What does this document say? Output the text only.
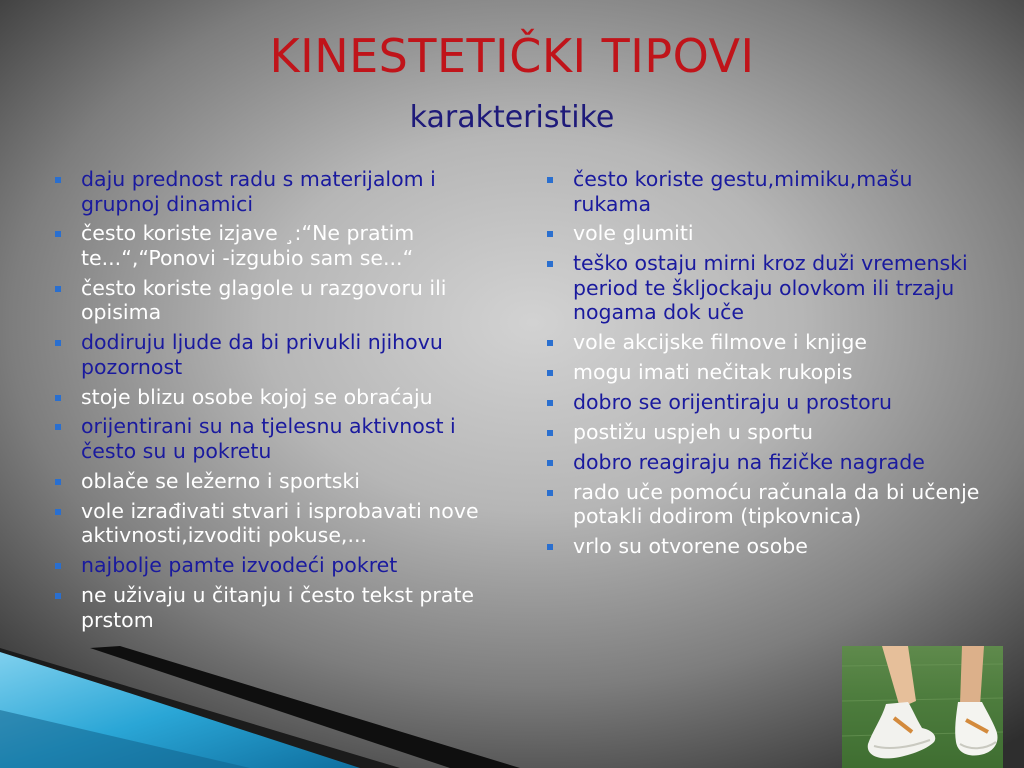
KINESTETIČKI TIPOVI
karakteristike
daju prednost radu s materijalom i grupnoj dinamici
često koriste izjave ¸:“Ne pratim te...“,“Ponovi -izgubio sam se...“
često koriste glagole u razgovoru ili opisima
dodiruju ljude da bi privukli njihovu pozornost
stoje blizu osobe kojoj se obraćaju
orijentirani su na tjelesnu aktivnost i često su u pokretu
oblače se ležerno i sportski
vole izrađivati stvari i isprobavati nove aktivnosti,izvoditi pokuse,...
najbolje pamte izvodeći pokret
ne uživaju u čitanju i često tekst prate prstom
često koriste gestu,mimiku,mašu rukama
vole glumiti
teško ostaju mirni kroz duži vremenski period te škljockaju olovkom ili trzaju nogama dok uče
vole akcijske filmove i knjige
mogu imati nečitak rukopis
dobro se orijentiraju u prostoru
postižu uspjeh u sportu
dobro reagiraju na fizičke nagrade
rado uče pomoću računala da bi učenje potakli dodirom (tipkovnica)
vrlo su otvorene osobe
